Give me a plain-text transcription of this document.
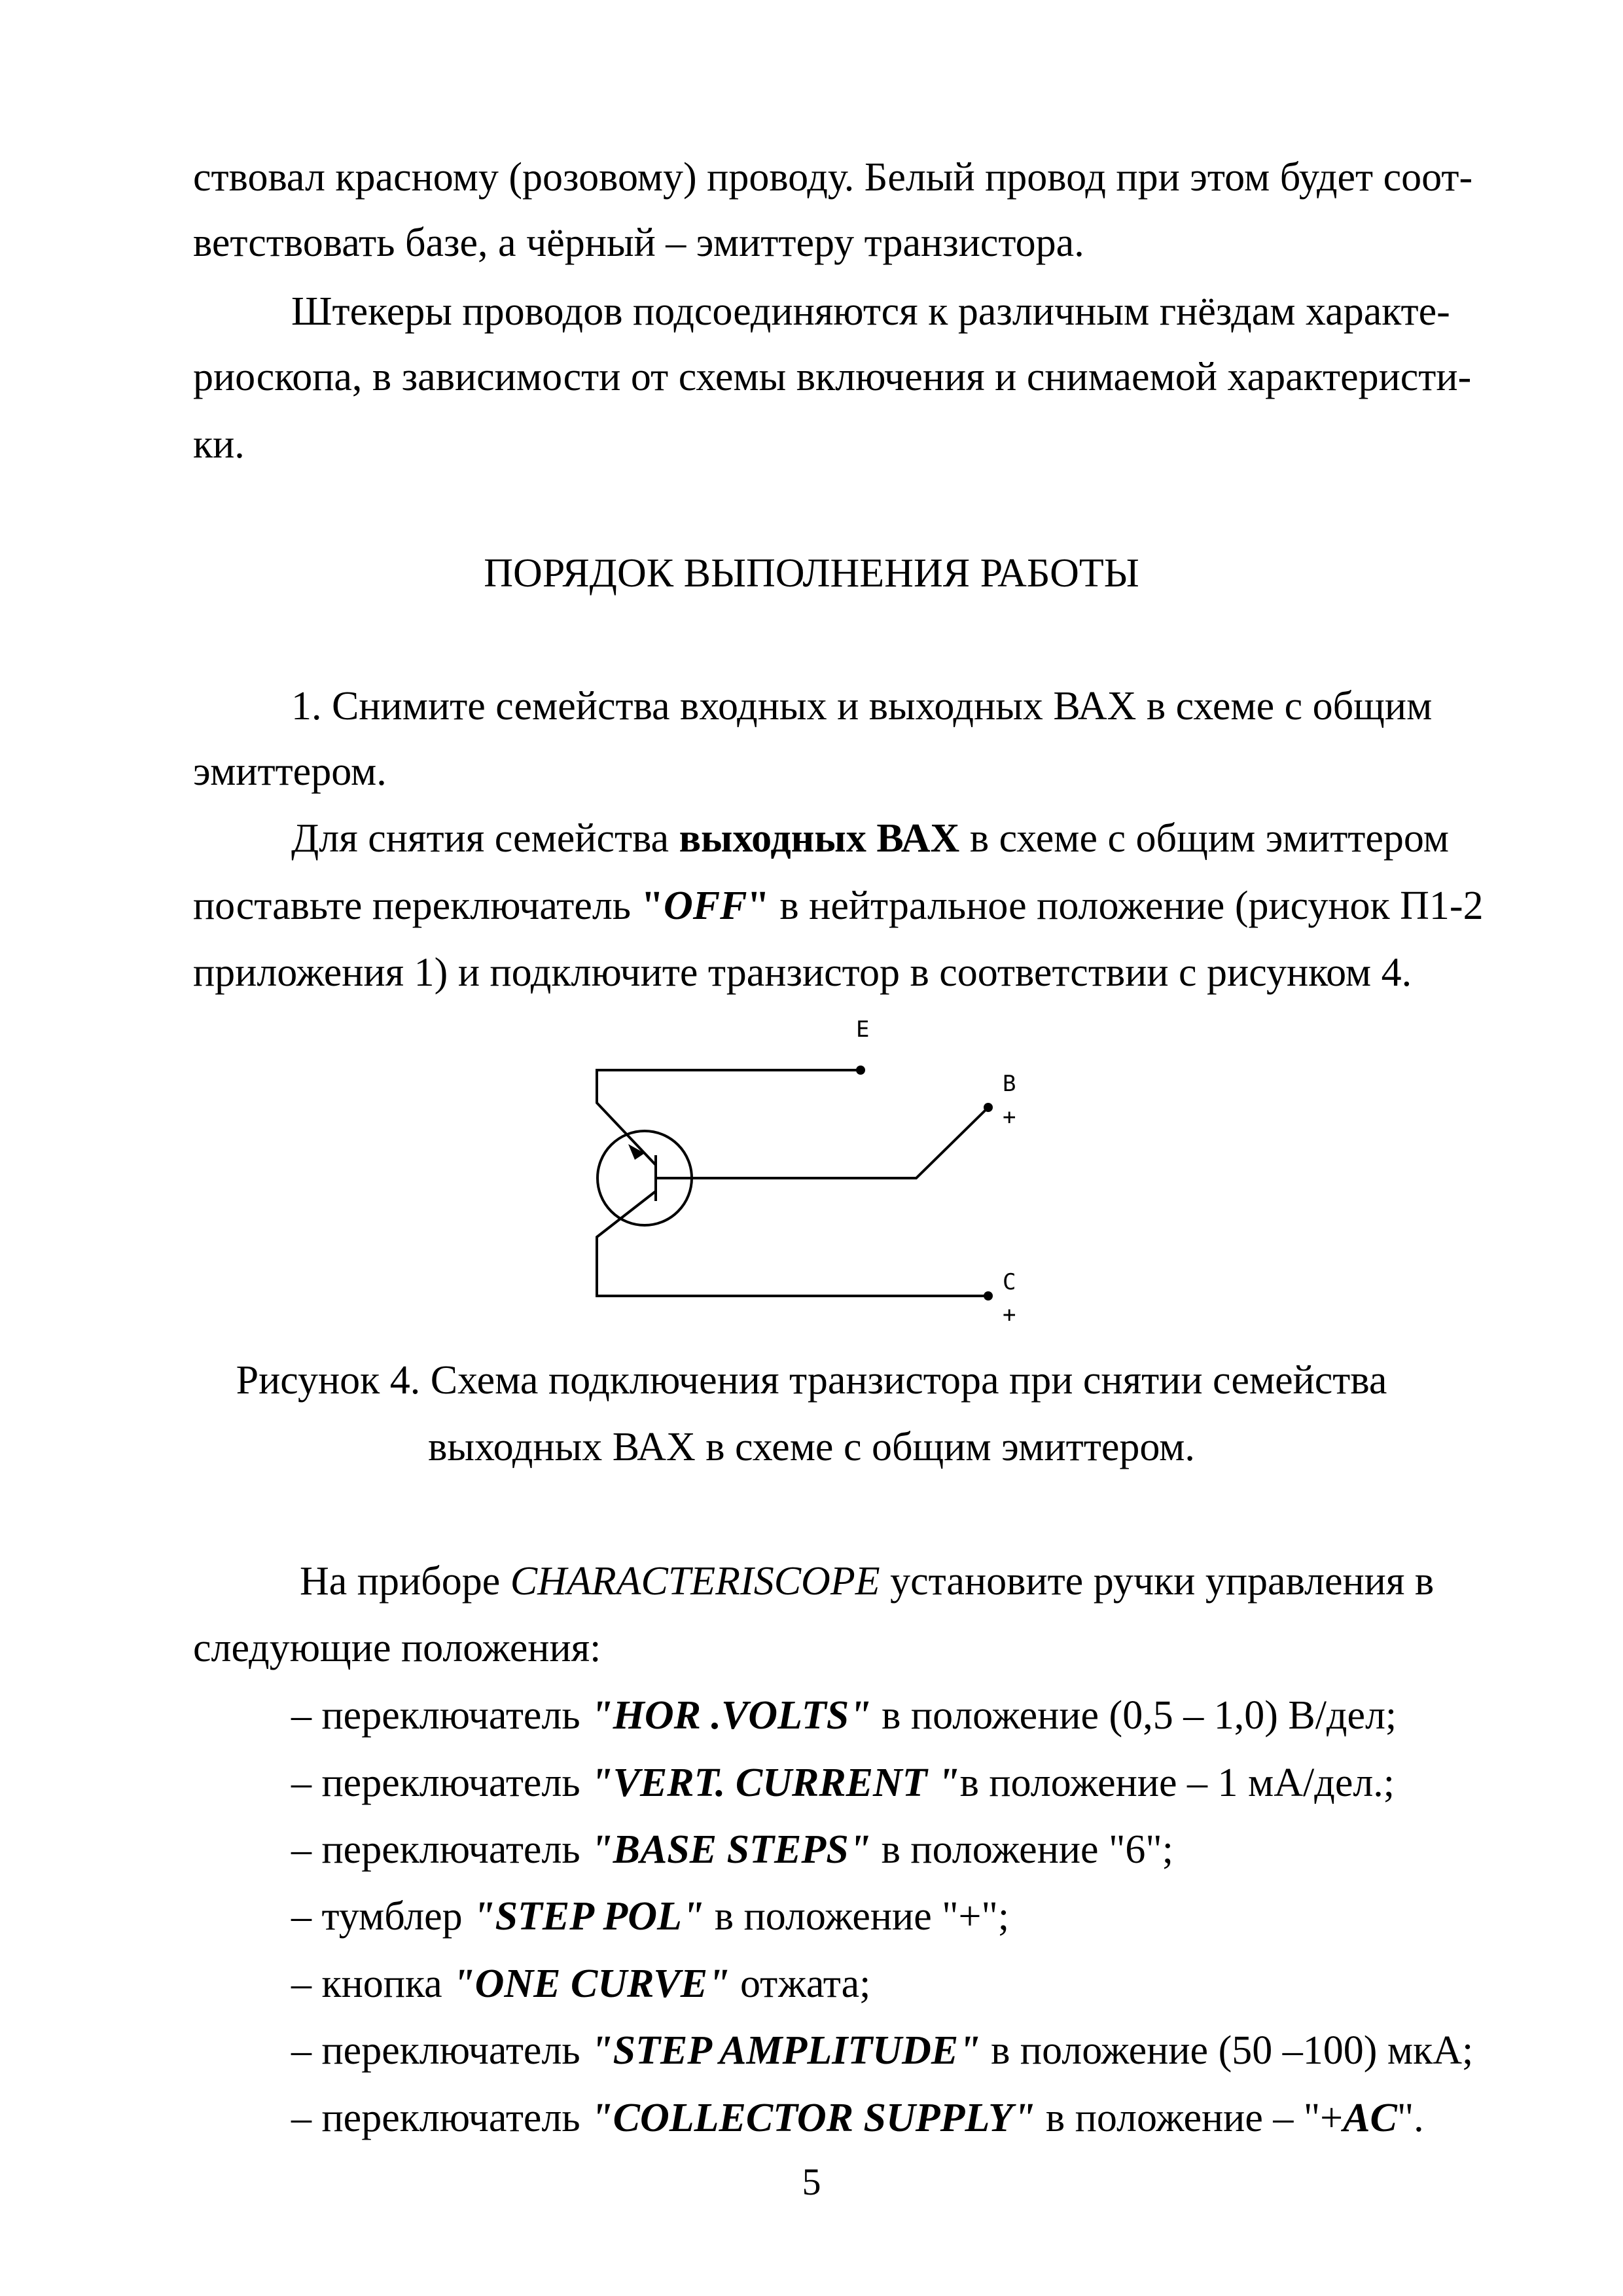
ствовал красному (розовому) проводу. Белый провод при этом будет соот-
ветствовать базе, а чёрный – эмиттеру транзистора.
Штекеры проводов подсоединяются к различным гнёздам характе-
риоскопа, в зависимости от схемы включения и снимаемой характеристи-
ки.
ПОРЯДОК ВЫПОЛНЕНИЯ РАБОТЫ
1. Снимите семейства входных и выходных ВАХ в схеме с общим
эмиттером.
Для снятия семейства выходных ВАХ в схеме с общим эмиттером
поставьте переключатель "OFF" в нейтральное положение (рисунок П1-2
приложения 1) и подключите транзистор в соответствии с рисунком 4.
E
B
+
C
+
Рисунок 4. Схема подключения транзистора при снятии семейства
выходных ВАХ в схеме с общим эмиттером.
На приборе CHARACTERISCOPE установите ручки управления в
следующие положения:
– переключатель "HOR .VOLTS" в положение (0,5 – 1,0) В/дел;
– переключатель "VERT. CURRENT "в положение – 1 мА/дел.;
– переключатель "BASE STEPS" в положение "6";
– тумблер "STEP POL" в положение "+";
– кнопка "ONE CURVE" отжата;
– переключатель "STEP AMPLITUDE" в положение (50 –100) мкА;
– переключатель "COLLECTOR SUPPLY" в положение – "+AC".
5
